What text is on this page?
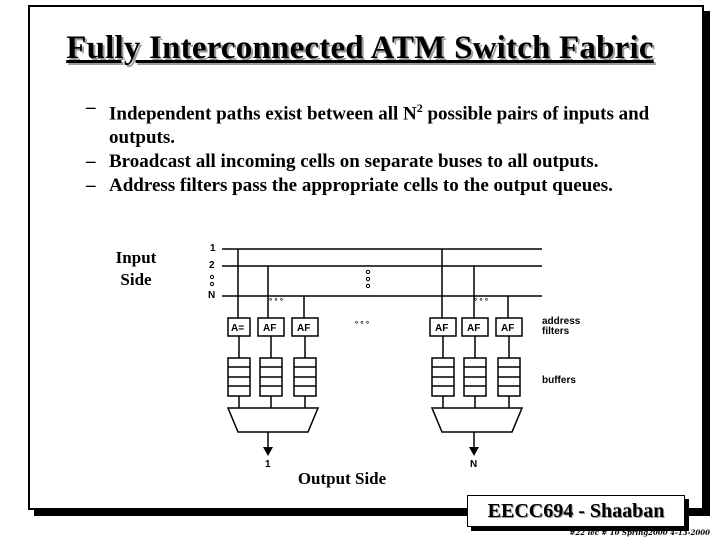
Fully Interconnected ATM Switch Fabric
– Independent paths exist between all $N^2$ possible pairs of inputs and outputs.
– Broadcast all incoming cells on separate buses to all outputs.
– Address filters pass the appropriate cells to the output queues.
Input
Side
1
2
N
A= AF AF	AF AF AF
° ° °	° ° °
° ° °	address
filters
buffers
1	N
Output Side
EECC694 - Shaaban
#22 lec # 10 Spring2000 4-13-2000
